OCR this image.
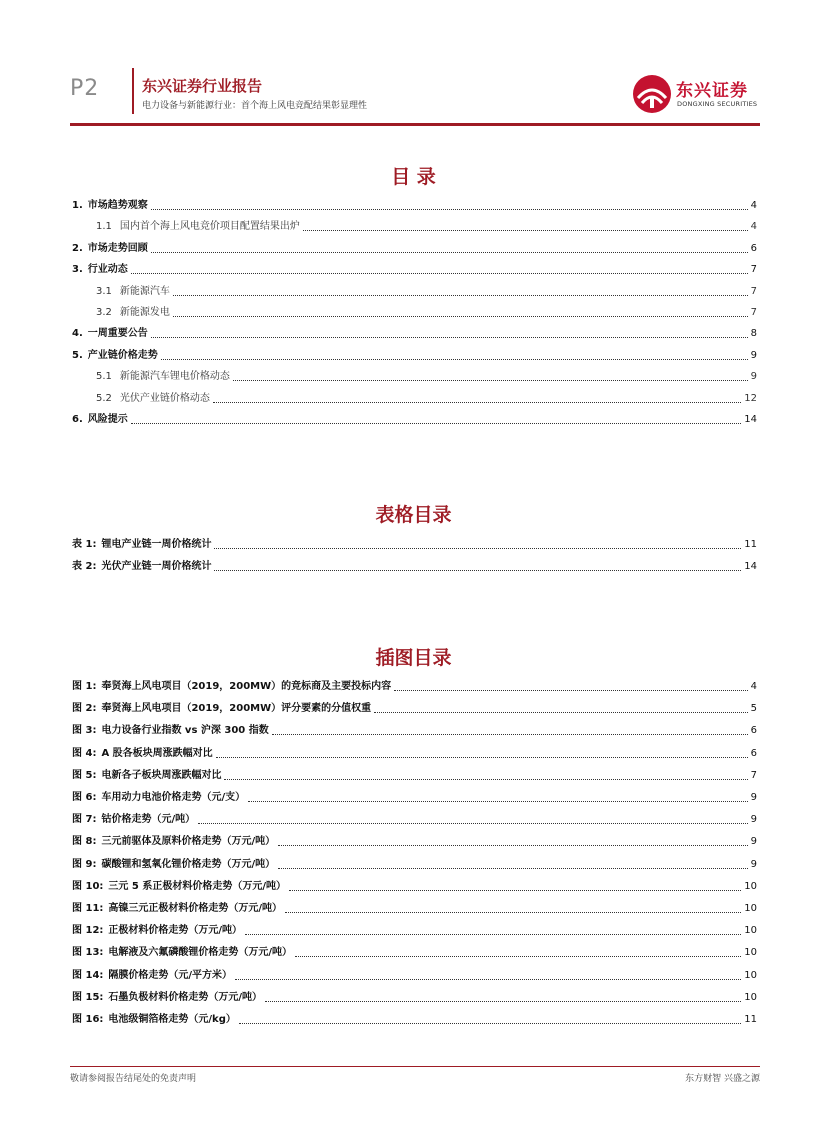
P2	东兴证券行业报告
电力设备与新能源行业：首个海上风电竞配结果彰显理性
东兴证券
DONGXING SECURITIES
目 录
表格目录
插图目录
1. 市场趋势观察	4
1.1 国内首个海上风电竞价项目配置结果出炉	4
2. 市场走势回顾	6
3. 行业动态	7
3.1 新能源汽车	7
3.2 新能源发电	7
4. 一周重要公告	8
5. 产业链价格走势	9
5.1 新能源汽车锂电价格动态	9
5.2 光伏产业链价格动态	12
6. 风险提示	14
表 1: 锂电产业链一周价格统计	11
表 2: 光伏产业链一周价格统计	14
图 1: 奉贤海上风电项目（2019，200MW）的竞标商及主要投标内容	4
图 2: 奉贤海上风电项目（2019，200MW）评分要素的分值权重	5
图 3: 电力设备行业指数 vs 沪深 300 指数	6
图 4: A 股各板块周涨跌幅对比	6
图 5: 电新各子板块周涨跌幅对比	7
图 6: 车用动力电池价格走势（元/支）	9
图 7: 钴价格走势（元/吨）	9
图 8: 三元前驱体及原料价格走势（万元/吨）	9
图 9: 碳酸锂和氢氧化锂价格走势（万元/吨）	9
图 10: 三元 5 系正极材料价格走势（万元/吨）	10
图 11: 高镍三元正极材料价格走势（万元/吨）	10
图 12: 正极材料价格走势（万元/吨）	10
图 13: 电解液及六氟磷酸锂价格走势（万元/吨）	10
图 14: 隔膜价格走势（元/平方米）	10
图 15: 石墨负极材料价格走势（万元/吨）	10
图 16: 电池级铜箔格走势（元/kg）	11
敬请参阅报告结尾处的免责声明	东方财智 兴盛之源
